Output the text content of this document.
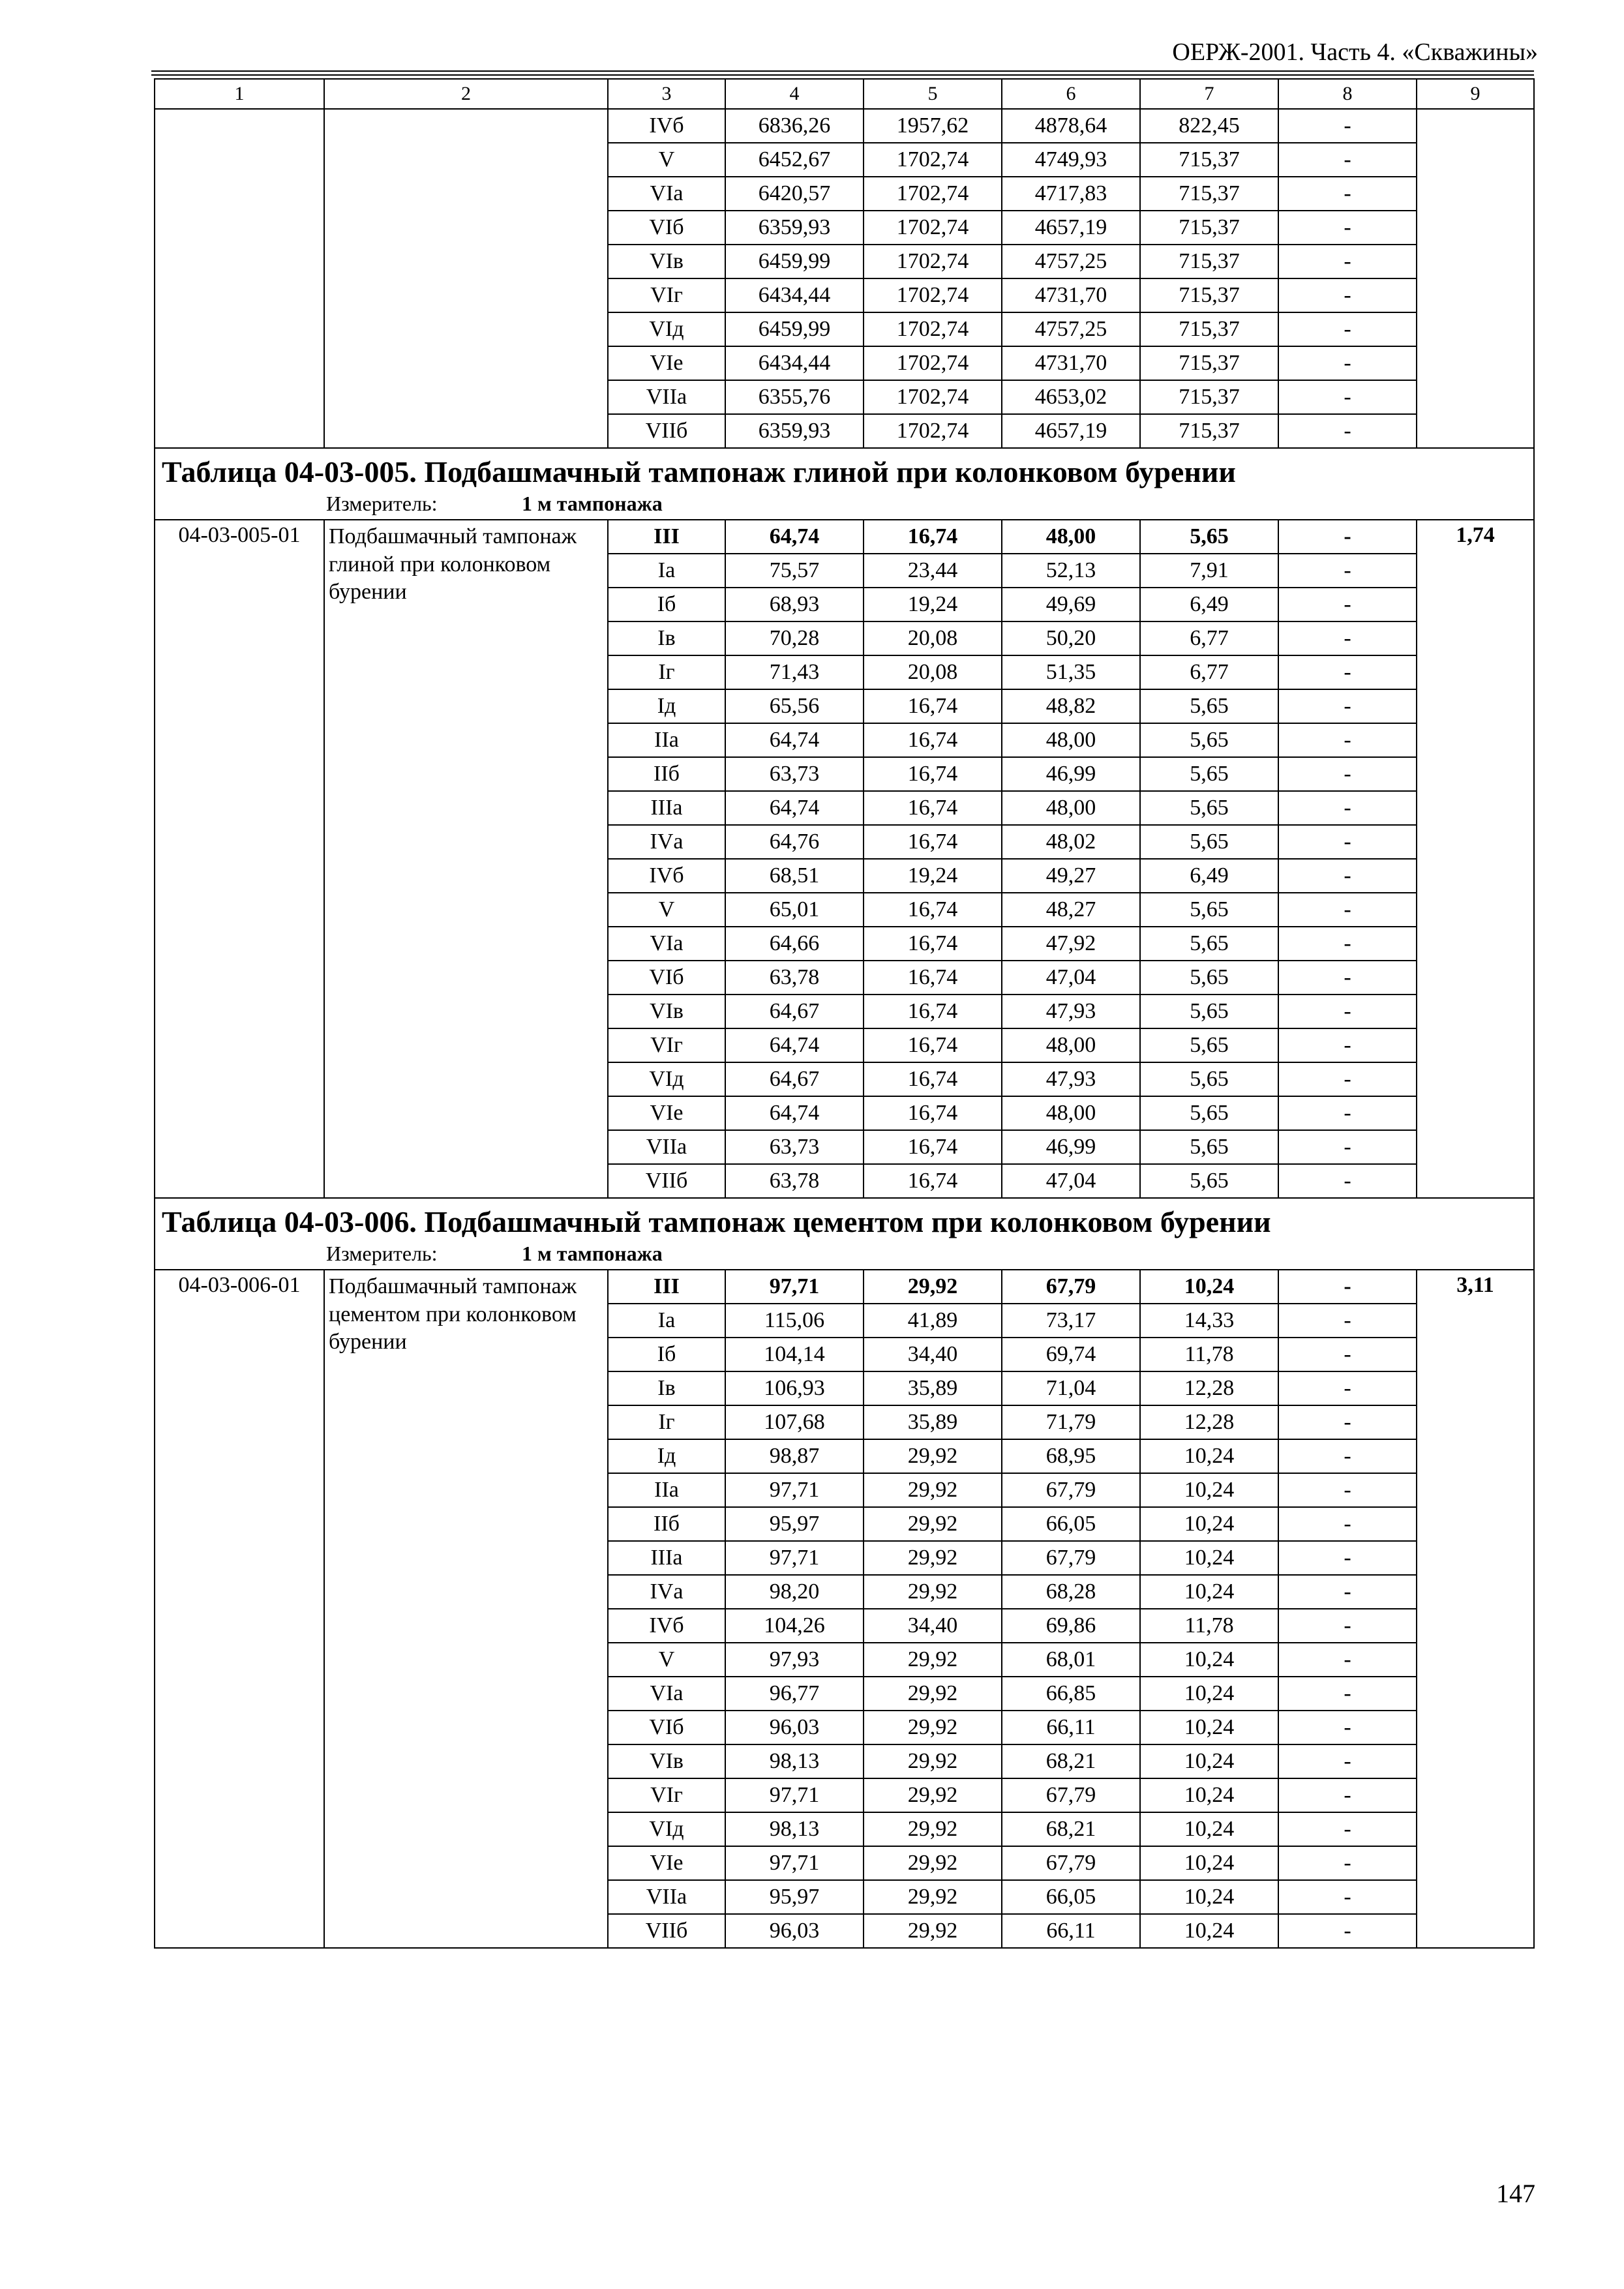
ОЕРЖ-2001. Часть 4. «Скважины»
1	2	3	4	5	6	7	8	9
		IVб	6836,26	1957,62	4878,64	822,45	-	
		V	6452,67	1702,74	4749,93	715,37	-	
		VIа	6420,57	1702,74	4717,83	715,37	-	
		VIб	6359,93	1702,74	4657,19	715,37	-	
		VIв	6459,99	1702,74	4757,25	715,37	-	
		VIг	6434,44	1702,74	4731,70	715,37	-	
		VIд	6459,99	1702,74	4757,25	715,37	-	
		VIе	6434,44	1702,74	4731,70	715,37	-	
		VIIа	6355,76	1702,74	4653,02	715,37	-	
		VIIб	6359,93	1702,74	4657,19	715,37	-	
Таблица 04-03-005. Подбашмачный тампонаж глиной при колонковом бурении								
Измеритель: 1 м тампонажа								
04-03-005-01	Подбашмачный тампонаж глиной при колонковом бурении	III	64,74	16,74	48,00	5,65	-	1,74
		Iа	75,57	23,44	52,13	7,91	-	
		Iб	68,93	19,24	49,69	6,49	-	
		Iв	70,28	20,08	50,20	6,77	-	
		Iг	71,43	20,08	51,35	6,77	-	
		Iд	65,56	16,74	48,82	5,65	-	
		IIа	64,74	16,74	48,00	5,65	-	
		IIб	63,73	16,74	46,99	5,65	-	
		IIIа	64,74	16,74	48,00	5,65	-	
		IVа	64,76	16,74	48,02	5,65	-	
		IVб	68,51	19,24	49,27	6,49	-	
		V	65,01	16,74	48,27	5,65	-	
		VIа	64,66	16,74	47,92	5,65	-	
		VIб	63,78	16,74	47,04	5,65	-	
		VIв	64,67	16,74	47,93	5,65	-	
		VIг	64,74	16,74	48,00	5,65	-	
		VIд	64,67	16,74	47,93	5,65	-	
		VIе	64,74	16,74	48,00	5,65	-	
		VIIа	63,73	16,74	46,99	5,65	-	
		VIIб	63,78	16,74	47,04	5,65	-	
Таблица 04-03-006. Подбашмачный тампонаж цементом при колонковом бурении								
Измеритель: 1 м тампонажа								
04-03-006-01	Подбашмачный тампонаж цементом при колонковом бурении	III	97,71	29,92	67,79	10,24	-	3,11
		Iа	115,06	41,89	73,17	14,33	-	
		Iб	104,14	34,40	69,74	11,78	-	
		Iв	106,93	35,89	71,04	12,28	-	
		Iг	107,68	35,89	71,79	12,28	-	
		Iд	98,87	29,92	68,95	10,24	-	
		IIа	97,71	29,92	67,79	10,24	-	
		IIб	95,97	29,92	66,05	10,24	-	
		IIIа	97,71	29,92	67,79	10,24	-	
		IVа	98,20	29,92	68,28	10,24	-	
		IVб	104,26	34,40	69,86	11,78	-	
		V	97,93	29,92	68,01	10,24	-	
		VIа	96,77	29,92	66,85	10,24	-	
		VIб	96,03	29,92	66,11	10,24	-	
		VIв	98,13	29,92	68,21	10,24	-	
		VIг	97,71	29,92	67,79	10,24	-	
		VIд	98,13	29,92	68,21	10,24	-	
		VIе	97,71	29,92	67,79	10,24	-	
		VIIа	95,97	29,92	66,05	10,24	-	
		VIIб	96,03	29,92	66,11	10,24	-	
147
